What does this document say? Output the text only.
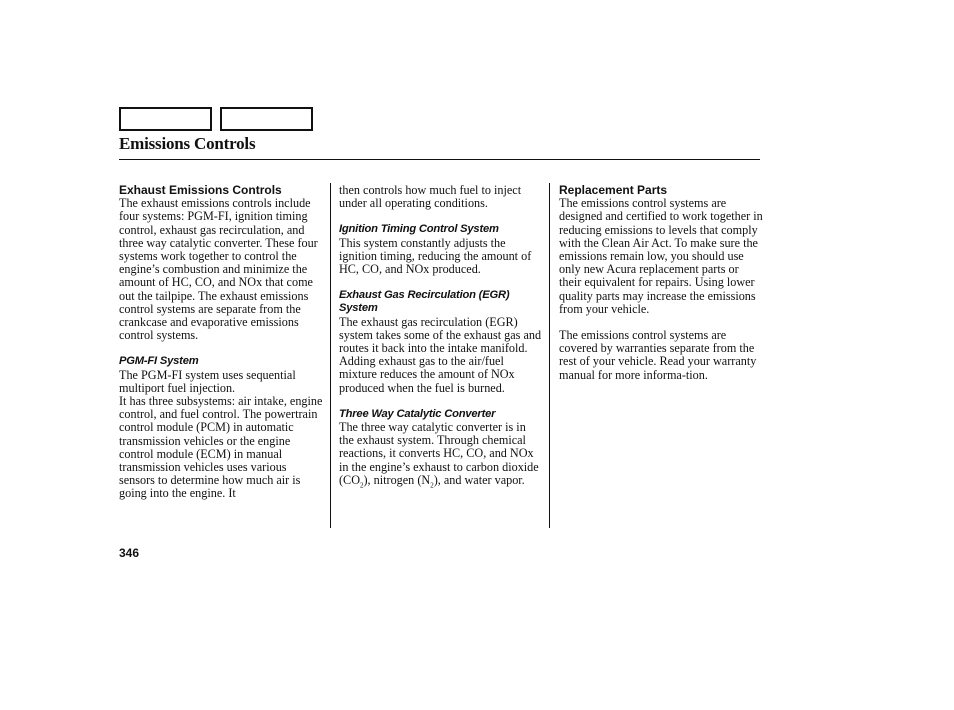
Emissions Controls
Exhaust Emissions Controls

The exhaust emissions controls include four systems: PGM-FI, ignition timing control, exhaust gas recirculation, and three way catalytic converter. These four systems work together to control the engine’s combustion and minimize the amount of HC, CO, and NOx that come out the tailpipe. The exhaust emissions control systems are separate from the crankcase and evaporative emissions control systems.

PGM-FI System

The PGM-FI system uses sequential multiport fuel injection.

It has three subsystems: air intake, engine control, and fuel control. The powertrain control module (PCM) in automatic transmission vehicles or the engine control module (ECM) in manual transmission vehicles uses various sensors to determine how much air is going into the engine. It

then controls how much fuel to inject under all operating conditions.

Ignition Timing Control System

This system constantly adjusts the ignition timing, reducing the amount of HC, CO, and NOx produced.

Exhaust Gas Recirculation (EGR)
System

The exhaust gas recirculation (EGR) system takes some of the exhaust gas and routes it back into the intake manifold. Adding exhaust gas to the air/fuel mixture reduces the amount of NOx produced when the fuel is burned.

Three Way Catalytic Converter

The three way catalytic converter is in the exhaust system. Through chemical reactions, it converts HC, CO, and NOx in the engine’s exhaust to carbon dioxide $(CO_2)$, nitrogen $(N_2)$, and water vapor.

Replacement Parts

The emissions control systems are designed and certified to work together in reducing emissions to levels that comply with the Clean Air Act. To make sure the emissions remain low, you should use only new Acura replacement parts or their equivalent for repairs. Using lower quality parts may increase the emissions from your vehicle.

The emissions control systems are covered by warranties separate from the rest of your vehicle. Read your warranty manual for more informa-tion.

346
